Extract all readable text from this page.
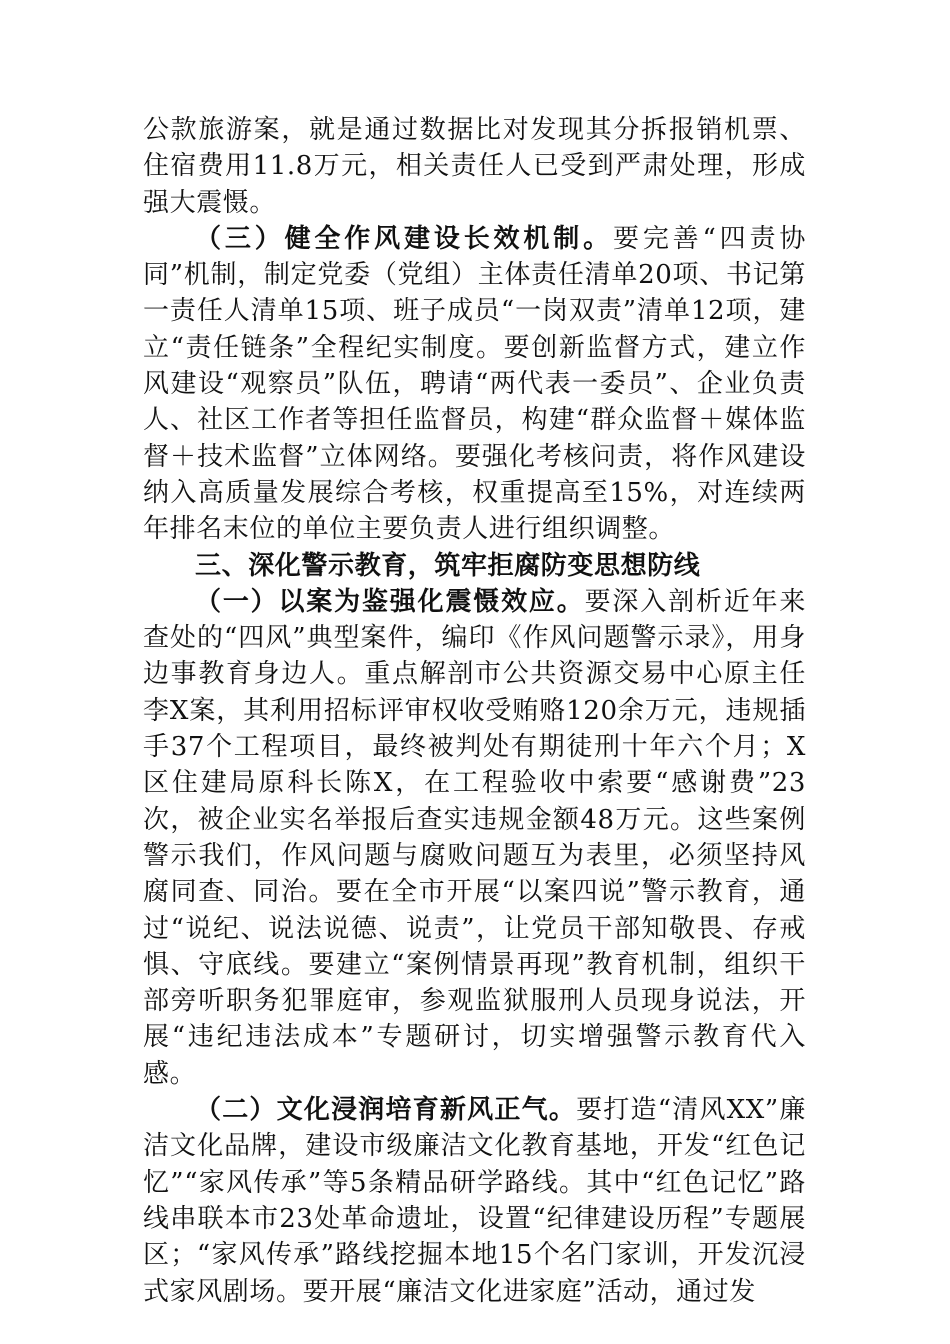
公款旅游案，就是通过数据比对发现其分拆报销机票、住宿费用11.8万元，相关责任人已受到严肃处理，形成强大震慑。

（三）健全作风建设长效机制。要完善“四责协同”机制，制定党委（党组）主体责任清单20项、书记第一责任人清单15项、班子成员“一岗双责”清单12项，建立“责任链条”全程纪实制度。要创新监督方式，建立作风建设“观察员”队伍，聘请“两代表一委员”、企业负责人、社区工作者等担任监督员，构建“群众监督＋媒体监督＋技术监督”立体网络。要强化考核问责，将作风建设纳入高质量发展综合考核，权重提高至15%，对连续两年排名末位的单位主要负责人进行组织调整。

三、深化警示教育，筑牢拒腐防变思想防线

（一）以案为鉴强化震慑效应。要深入剖析近年来查处的“四风”典型案件，编印《作风问题警示录》，用身边事教育身边人。重点解剖市公共资源交易中心原主任李X案，其利用招标评审权收受贿赂120余万元，违规插手37个工程项目，最终被判处有期徒刑十年六个月；X区住建局原科长陈X，在工程验收中索要“感谢费”23次，被企业实名举报后查实违规金额48万元。这些案例警示我们，作风问题与腐败问题互为表里，必须坚持风腐同查、同治。要在全市开展“以案四说”警示教育，通过“说纪、说法说德、说责”，让党员干部知敬畏、存戒惧、守底线。要建立“案例情景再现”教育机制，组织干部旁听职务犯罪庭审，参观监狱服刑人员现身说法，开展“违纪违法成本”专题研讨，切实增强警示教育代入感。

（二）文化浸润培育新风正气。要打造“清风XX”廉洁文化品牌，建设市级廉洁文化教育基地，开发“红色记忆”“家风传承”等5条精品研学路线。其中“红色记忆”路线串联本市23处革命遗址，设置“纪律建设历程”专题展区；“家风传承”路线挖掘本地15个名门家训，开发沉浸式家风剧场。要开展“廉洁文化进家庭”活动，通过发
